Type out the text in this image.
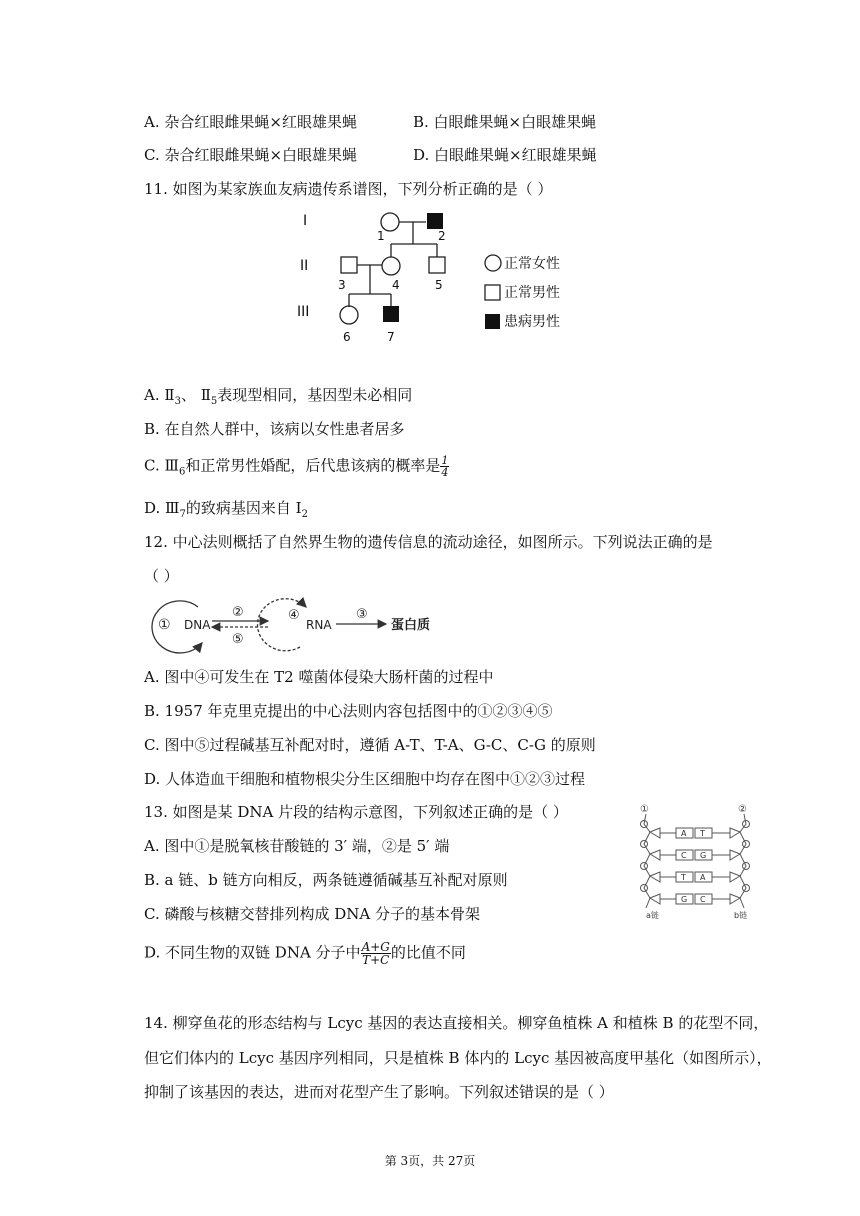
A. 杂合红眼雌果蝇×红眼雄果蝇	B. 白眼雌果蝇×白眼雄果蝇
C. 杂合红眼雌果蝇×白眼雄果蝇	D. 白眼雌果蝇×红眼雄果蝇
11. 如图为某家族血友病遗传系谱图，下列分析正确的是（ ）
I
II
III
1	2
3	4	5
6	7
正常女性
正常男性
患病男性
A. $Ⅱ_3$、 $Ⅱ_5$表现型相同，基因型未必相同
B. 在自然人群中，该病以女性患者居多
C. $Ⅲ_6$和正常男性婚配，后代患该病的概率是 $\frac{1}{4}$
D. $Ⅲ_7$的致病基因来自 $Ⅰ_2$
12. 中心法则概括了自然界生物的遗传信息的流动途径，如图所示。下列说法正确的是
（ ）
① DNA
②
⑤
④
RNA
③
蛋白质
A. 图中④可发生在 T2 噬菌体侵染大肠杆菌的过程中
B. 1957 年克里克提出的中心法则内容包括图中的①②③④⑤
C. 图中⑤过程碱基互补配对时，遵循 A-T、T-A、G-C、C-G 的原则
D. 人体造血干细胞和植物根尖分生区细胞中均存在图中①②③过程
13. 如图是某 DNA 片段的结构示意图，下列叙述正确的是（ ）
A. 图中①是脱氧核苷酸链的 3′ 端，②是 5′ 端
B. a 链、b 链方向相反，两条链遵循碱基互补配对原则
C. 磷酸与核糖交替排列构成 DNA 分子的基本骨架
D. 不同生物的双链 DNA 分子中 $\frac{A+G}{T+C}$ 的比值不同
①	②
A T
C G
T A
G C
a链	b链
14. 柳穿鱼花的形态结构与 Lcyc 基因的表达直接相关。柳穿鱼植株 A 和植株 B 的花型不同，
但它们体内的 Lcyc 基因序列相同，只是植株 B 体内的 Lcyc 基因被高度甲基化（如图所示），
抑制了该基因的表达，进而对花型产生了影响。下列叙述错误的是（ ）
第 3页，共 27页
